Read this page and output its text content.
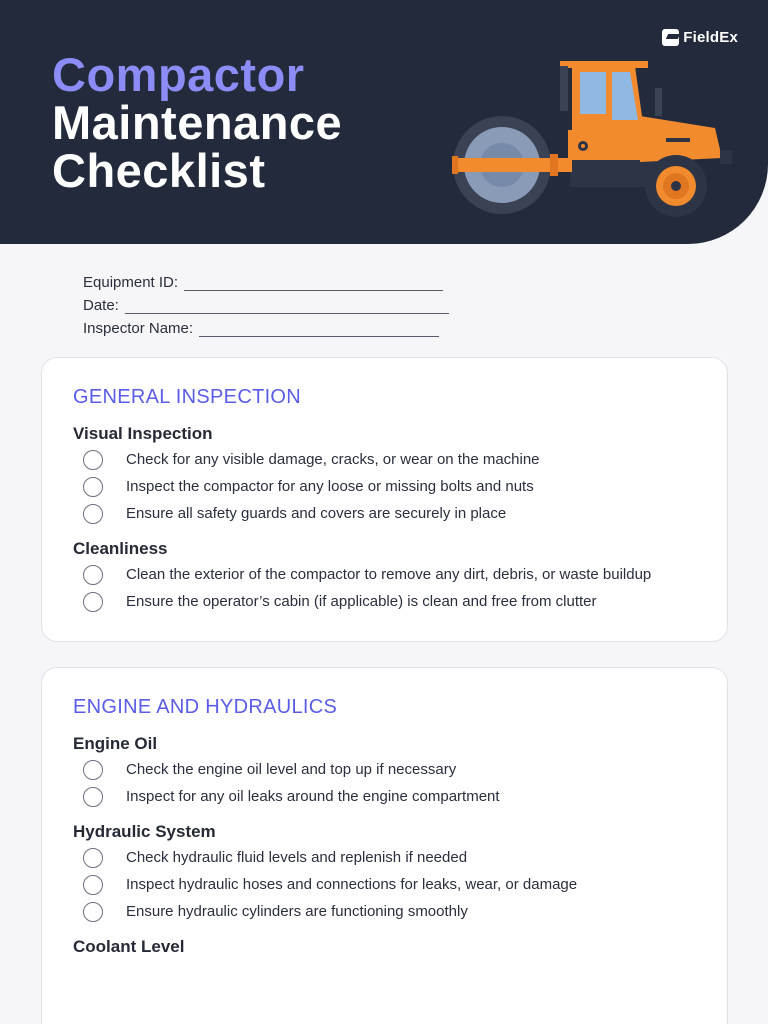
Compactor
Maintenance
Checklist
FieldEx
Equipment ID:
Date:
Inspector Name:
GENERAL INSPECTION
Visual Inspection
Check for any visible damage, cracks, or wear on the machine
Inspect the compactor for any loose or missing bolts and nuts
Ensure all safety guards and covers are securely in place
Cleanliness
Clean the exterior of the compactor to remove any dirt, debris, or waste buildup
Ensure the operator’s cabin (if applicable) is clean and free from clutter
ENGINE AND HYDRAULICS
Engine Oil
Check the engine oil level and top up if necessary
Inspect for any oil leaks around the engine compartment
Hydraulic System
Check hydraulic fluid levels and replenish if needed
Inspect hydraulic hoses and connections for leaks, wear, or damage
Ensure hydraulic cylinders are functioning smoothly
Coolant Level
